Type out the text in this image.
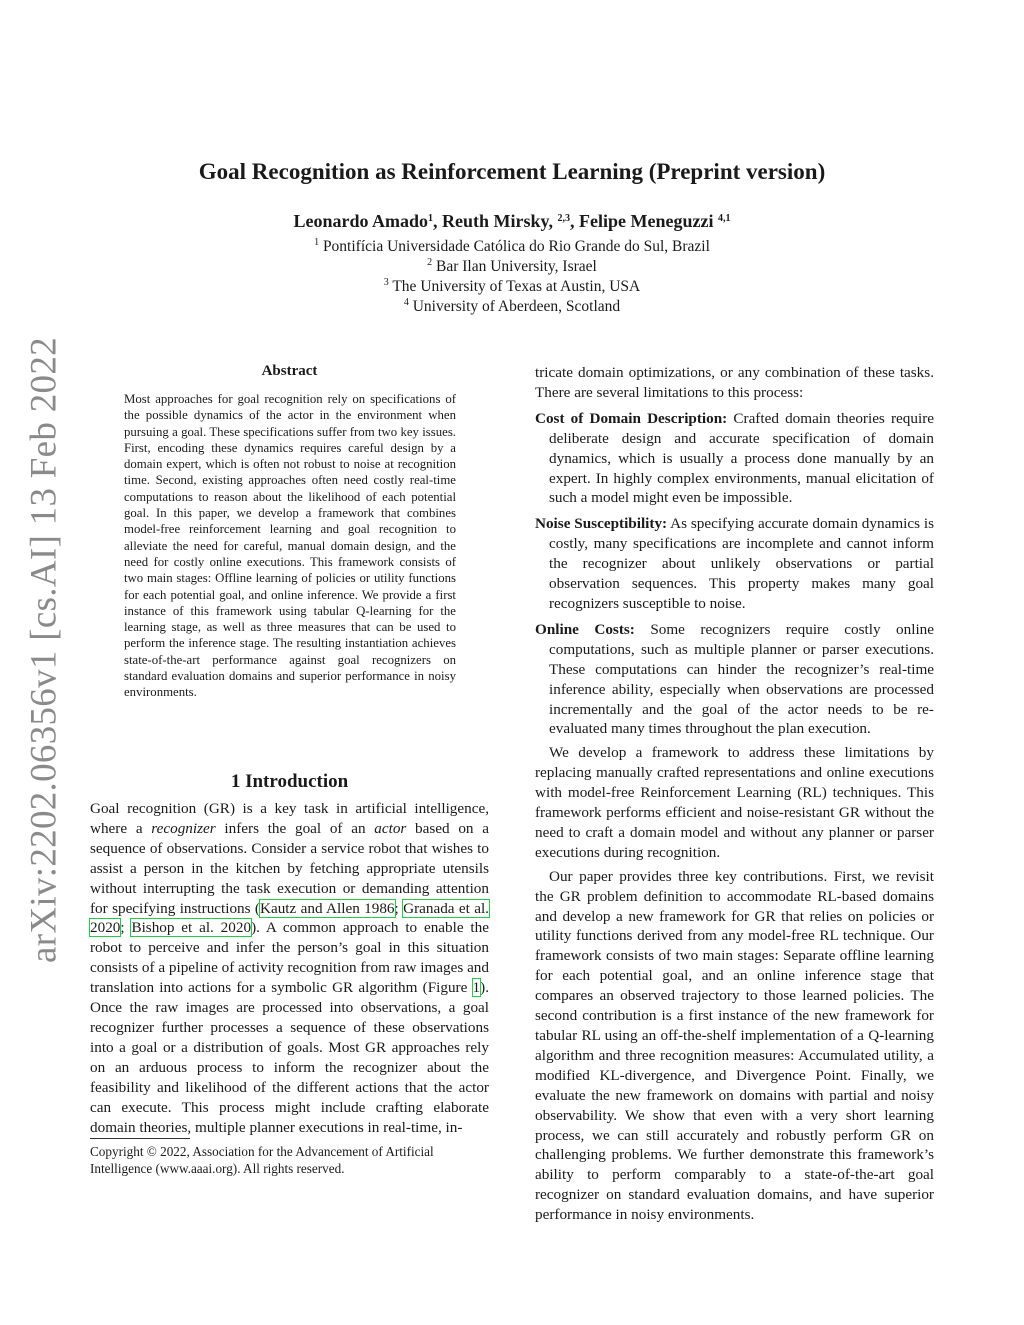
arXiv:2202.06356v1 [cs.AI] 13 Feb 2022
Goal Recognition as Reinforcement Learning (Preprint version)
Leonardo Amado$^1$, Reuth Mirsky, $^{2,3}$, Felipe Meneguzzi $^{4,1}$
$^1$ Pontifícia Universidade Católica do Rio Grande do Sul, Brazil
$^2$ Bar Ilan University, Israel
$^3$ The University of Texas at Austin, USA
$^4$ University of Aberdeen, Scotland
Abstract
Most approaches for goal recognition rely on specifications of the possible dynamics of the actor in the environment when pursuing a goal. These specifications suffer from two key issues. First, encoding these dynamics requires careful design by a domain expert, which is often not robust to noise at recognition time. Second, existing approaches often need costly real-time computations to reason about the likelihood of each potential goal. In this paper, we develop a framework that combines model-free reinforcement learning and goal recognition to alleviate the need for careful, manual domain design, and the need for costly online executions. This framework consists of two main stages: Offline learning of policies or utility functions for each potential goal, and online inference. We provide a first instance of this framework using tabular Q-learning for the learning stage, as well as three measures that can be used to perform the inference stage. The resulting instantiation achieves state-of-the-art performance against goal recognizers on standard evaluation domains and superior performance in noisy environments.
1 Introduction
Goal recognition (GR) is a key task in artificial intelligence, where a recognizer infers the goal of an actor based on a sequence of observations. Consider a service robot that wishes to assist a person in the kitchen by fetching appropriate utensils without interrupting the task execution or demanding attention for specifying instructions (Kautz and Allen 1986; Granada et al. 2020; Bishop et al. 2020). A common approach to enable the robot to perceive and infer the person’s goal in this situation consists of a pipeline of activity recognition from raw images and translation into actions for a symbolic GR algorithm (Figure 1). Once the raw images are processed into observations, a goal recognizer further processes a sequence of these observations into a goal or a distribution of goals. Most GR approaches rely on an arduous process to inform the recognizer about the feasibility and likelihood of the different actions that the actor can execute. This process might include crafting elaborate domain theories, multiple planner executions in real-time, in-
Copyright © 2022, Association for the Advancement of Artificial Intelligence (www.aaai.org). All rights reserved.

tricate domain optimizations, or any combination of these tasks. There are several limitations to this process:

Cost of Domain Description: Crafted domain theories require deliberate design and accurate specification of domain dynamics, which is usually a process done manually by an expert. In highly complex environments, manual elicitation of such a model might even be impossible.

Noise Susceptibility: As specifying accurate domain dynamics is costly, many specifications are incomplete and cannot inform the recognizer about unlikely observations or partial observation sequences. This property makes many goal recognizers susceptible to noise.

Online Costs: Some recognizers require costly online computations, such as multiple planner or parser executions. These computations can hinder the recognizer’s real-time inference ability, especially when observations are processed incrementally and the goal of the actor needs to be re-evaluated many times throughout the plan execution.

We develop a framework to address these limitations by replacing manually crafted representations and online executions with model-free Reinforcement Learning (RL) techniques. This framework performs efficient and noise-resistant GR without the need to craft a domain model and without any planner or parser executions during recognition.

Our paper provides three key contributions. First, we revisit the GR problem definition to accommodate RL-based domains and develop a new framework for GR that relies on policies or utility functions derived from any model-free RL technique. Our framework consists of two main stages: Separate offline learning for each potential goal, and an online inference stage that compares an observed trajectory to those learned policies. The second contribution is a first instance of the new framework for tabular RL using an off-the-shelf implementation of a Q-learning algorithm and three recognition measures: Accumulated utility, a modified KL-divergence, and Divergence Point. Finally, we evaluate the new framework on domains with partial and noisy observability. We show that even with a very short learning process, we can still accurately and robustly perform GR on challenging problems. We further demonstrate this framework’s ability to perform comparably to a state-of-the-art goal recognizer on standard evaluation domains, and have superior performance in noisy environments.
